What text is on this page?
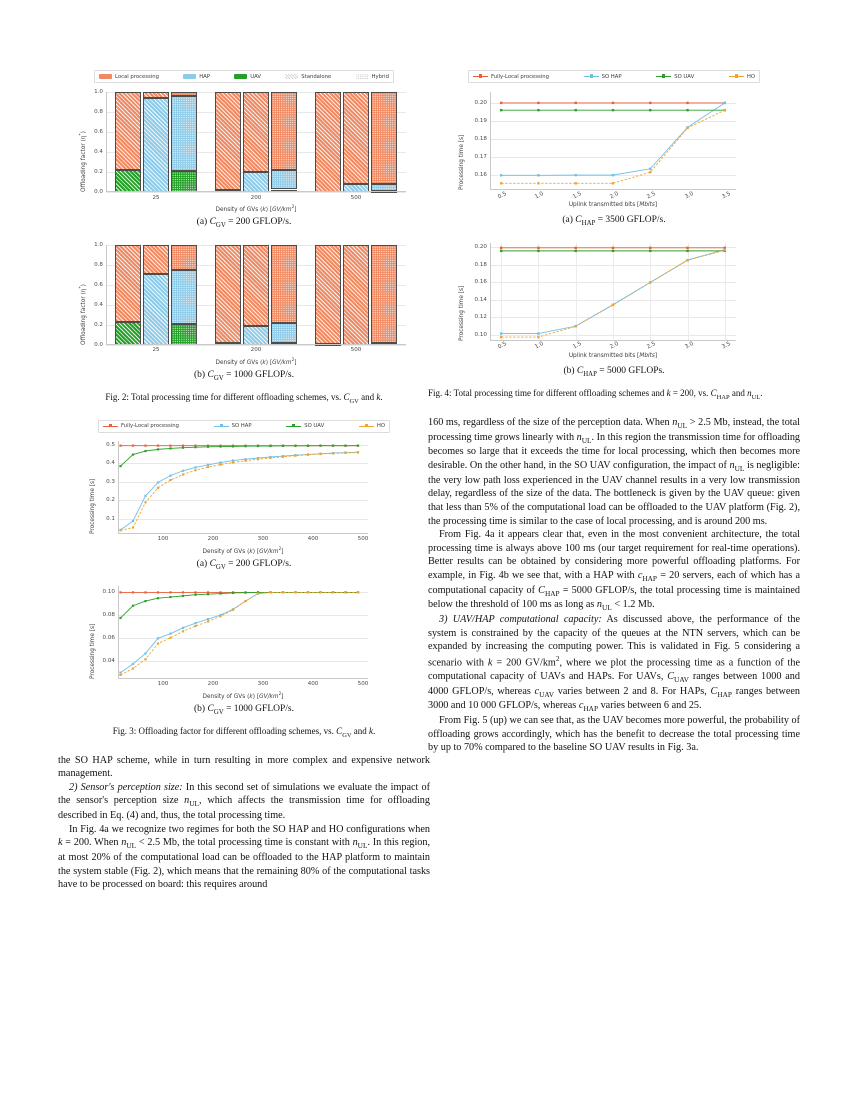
Local processing	HAP	UAV	Standalone	Hybrid
0.0
0.2
0.4
0.6
0.8
1.0
25	200	500
Offloading factor (η*)
Density of GVs (k) $[GV/km^2]$
(a) $C_{GV} = 200$ GFLOP/s.
0.0
0.2
0.4
0.6
0.8
1.0
25	200	500
Offloading factor (η*)
Density of GVs (k) $[GV/km^2]$
(b) $C_{GV} = 1000$ GFLOP/s.
Fig. 2: Total processing time for different offloading schemes, vs. $C_{GV}$ and k.
Fully-Local processing	SO HAP	SO UAV	HO
0.1
0.2
0.3
0.4
0.5
100	200	300	400	500
Processing time [s]
Density of GVs (k) $[GV/km^2]$
(a) $C_{GV} = 200$ GFLOP/s.
0.04
0.06
0.08
0.10
100	200	300	400	500
Processing time [s]
Density of GVs (k) $[GV/km^2]$
(b) $C_{GV} = 1000$ GFLOP/s.
Fig. 3: Offloading factor for different offloading schemes, vs. $C_{GV}$ and k.

the SO HAP scheme, while in turn resulting in more complex and expensive network management.

2) Sensor's perception size: In this second set of simulations we evaluate the impact of the sensor's perception size $n_{UL}$, which affects the transmission time for offloading described in Eq. (4) and, thus, the total processing time.

In Fig. 4a we recognize two regimes for both the SO HAP and HO configurations when k = 200. When $n_{UL} < 2.5$ Mb, the total processing time is constant with $n_{UL}$. In this region, at most 20% of the computational load can be offloaded to the HAP platform to maintain the system stable (Fig. 2), which means that the remaining 80% of the computational tasks have to be processed on board: this requires around

Fully-Local processing	SO HAP	SO UAV	HO
0.16
0.17
0.18
0.19
0.20
0.5	1.0	1.5	2.0	2.5	3.0	3.5
Processing time [s]
Uplink transmitted bits [Mbits]
(a) $C_{HAP} = 3500$ GFLOP/s.
0.10
0.12
0.14
0.16
0.18
0.20
0.5	1.0	1.5	2.0	2.5	3.0	3.5
Processing time [s]
Uplink transmitted bits [Mbits]
(b) $C_{HAP} = 5000$ GFLOPs.
Fig. 4: Total processing time for different offloading schemes and k = 200, vs. $C_{HAP}$ and $n_{UL}$.

160 ms, regardless of the size of the perception data. When $n_{UL} > 2.5$ Mb, instead, the total processing time grows linearly with $n_{UL}$. In this region the transmission time for offloading becomes so large that it exceeds the time for local processing, which then becomes more desirable. On the other hand, in the SO UAV configuration, the impact of $n_{UL}$ is negligible: the very low path loss experienced in the UAV channel results in a very low transmission delay, regardless of the size of the data. The bottleneck is given by the UAV queue: given that less than 5% of the computational load can be offloaded to the UAV platform (Fig. 2), the processing time is similar to the case of local processing, and is around 200 ms.

From Fig. 4a it appears clear that, even in the most convenient architecture, the total processing time is always above 100 ms (our target requirement for real-time operations). Better results can be obtained by considering more powerful offloading platforms. For example, in Fig. 4b we see that, with a HAP with $c_{HAP} = 20$ servers, each of which has a computational capacity of $C_{HAP} = 5000$ GFLOP/s, the total processing time is maintained below the threshold of 100 ms as long as $n_{UL} < 1.2$ Mb.

3) UAV/HAP computational capacity: As discussed above, the performance of the system is constrained by the capacity of the queues at the NTN servers, which can be expanded by increasing the computing power. This is validated in Fig. 5 considering a scenario with k = 200 $GV/km^2$, where we plot the processing time as a function of the computational capacity of UAVs and HAPs. For UAVs, $C_{UAV}$ ranges between 1000 and 4000 GFLOP/s, whereas $c_{UAV}$ varies between 2 and 8. For HAPs, $C_{HAP}$ ranges between 3000 and 10 000 GFLOP/s, whereas $c_{HAP}$ varies between 6 and 25.

From Fig. 5 (up) we can see that, as the UAV becomes more powerful, the probability of offloading grows accordingly, which has the benefit to decrease the total processing time by up to 70% compared to the baseline SO UAV results in Fig. 3a.
